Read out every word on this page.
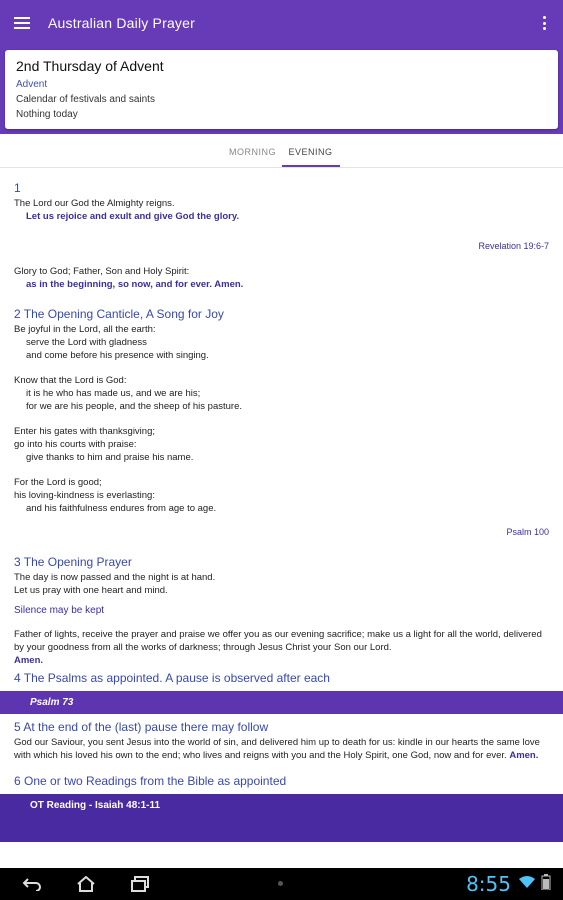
Australian Daily Prayer
2nd Thursday of Advent
Advent
Calendar of festivals and saints
Nothing today
MORNING	EVENING
1
The Lord our God the Almighty reigns.
Let us rejoice and exult and give God the glory.
Revelation 19:6-7
Glory to God; Father, Son and Holy Spirit:
as in the beginning, so now, and for ever. Amen.
2 The Opening Canticle, A Song for Joy
Be joyful in the Lord, all the earth:
serve the Lord with gladness
and come before his presence with singing.
Know that the Lord is God:
it is he who has made us, and we are his;
for we are his people, and the sheep of his pasture.
Enter his gates with thanksgiving;
go into his courts with praise:
give thanks to him and praise his name.
For the Lord is good;
his loving-kindness is everlasting:
and his faithfulness endures from age to age.
Psalm 100
3 The Opening Prayer
The day is now passed and the night is at hand.
Let us pray with one heart and mind.
Silence may be kept
Father of lights, receive the prayer and praise we offer you as our evening sacrifice; make us a light for all the world, delivered by your goodness from all the works of darkness; through Jesus Christ your Son our Lord.
Amen.
4 The Psalms as appointed. A pause is observed after each
Psalm 73
5 At the end of the (last) pause there may follow
God our Saviour, you sent Jesus into the world of sin, and delivered him up to death for us: kindle in our hearts the same love with which his loved his own to the end; who lives and reigns with you and the Holy Spirit, one God, now and for ever. Amen.
6 One or two Readings from the Bible as appointed
OT Reading - Isaiah 48:1-11
8:55
